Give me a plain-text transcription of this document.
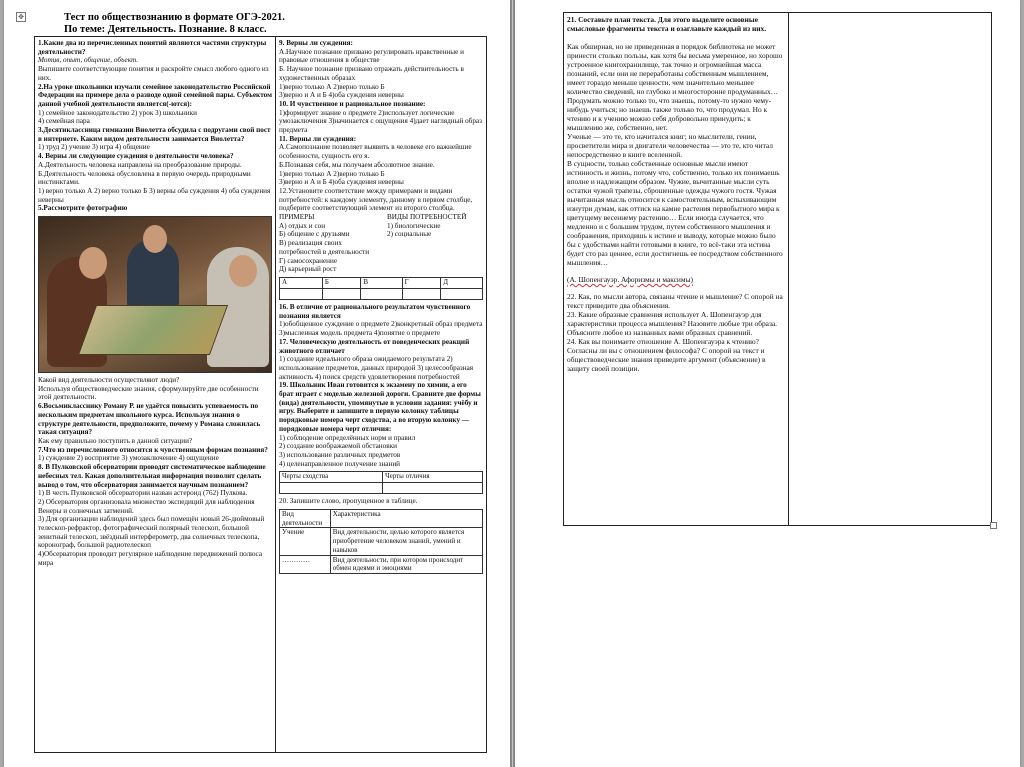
✥	Тест по обществознанию в формате ОГЭ-2021.
По теме: Деятельность. Познание. 8 класс.

1.Какие два из перечисленных понятий являются частями структуры деятельности?

Мотив, опыт, общение, объект.

Выпишите соответствующие понятия и раскройте смысл любого одного из них.

2.На уроке школьники изучали семейное законодательство Российской Федерации на примере дела о разводе одной семейной пары. Субъектом данной учебной деятельности является(-ются):

1) семейное законодательство 2) урок 3) школьники

4) семейная пара

3.Десятиклассница гимназии Виолетта обсудила с подругами свой пост в интернете. Каким видом деятельности занимается Виолетта?

1) труд 2) учение 3) игра 4) общение

4. Верны ли следующие суждения о деятельности человека?

А.Деятельность человека направлена на преобразование природы.

Б.Деятельность человека обусловлена в первую очередь природными инстинктами.

1) верно только А 2) верно только Б 3) верны оба суждения 4) оба суждения неверны

5.Рассмотрите фотографию

Какой вид деятельности осуществляют люди?

Используя обществоведческие знания, сформулируйте две особенности этой деятельности.

6.Восьмикласснику Роману Р. не удаётся повысить успеваемость по нескольким предметам школьного курса. Используя знания о структуре деятельности, предположите, почему у Романа сложилась такая ситуация?

Как ему правильно поступить в данной ситуации?

7.Что из перечисленного относится к чувственным формам познания?

1) суждение 2) восприятие 3) умозаключение 4) ощущение

8. В Пулковской обсерватории проводят систематическое наблюдение небесных тел. Какая дополнительная информация позволит сделать вывод о том, что обсерватория занимается научным познанием?

1) В честь Пулковской обсерватории назван астероид (762) Пулкова.

2) Обсерватория организовала множество экспедиций для наблюдения Венеры и солнечных затмений.

3) Для организации наблюдений здесь был помещён новый 26-дюймовый телескоп-рефрактор, фотографический полярный телескоп, большой зенитный телескоп, звёздный интерферометр, два солнечных телескопа, коронограф, большой радиотелескоп

4)Обсерватория проводит регулярное наблюдение передвижений полюса мира

9. Верны ли суждения:

А.Научное познание призвано регулировать нравственные и правовые отношения в обществе

Б. Научное познание призвано отражать действительность в художественных образах

1)верно только А 2)верно только Б

3)верно и А и Б 4)оба суждения неверны

10. И чувственное и рациональное познание:

1)формирует знание о предмете 2)использует логические умозаключения 3)начинается с ощущения 4)дает наглядный образ предмета

11. Верны ли суждения:

А.Самопознание позволяет выявить в человеке его важнейшие особенности, сущность его я.

Б.Познавая себя, мы получаем абсолютное знание.

1)верно только А 2)верно только Б

3)верно и А и Б 4)оба суждения неверны

12.Установите соответствие между примерами и видами потребностей: к каждому элементу, данному в первом столбце, подберите соответствующий элемент из второго столбца.

ПРИМЕРЫ

А) отдых и сон

Б) общение с друзьями

В) реализация своих потребностей в деятельности

Г) самосохранение

Д) карьерный рост

ВИДЫ ПОТРЕБНОСТЕЙ

1) биологические

2) социальные

А	Б	В	Г	Д

16. В отличие от рационального результатом чувственного познания является

1)обобщенное суждение о предмете 2)конкретный образ предмета 3)мысленная модель предмета 4)понятие о предмете

17. Человеческую деятельность от поведенческих реакций животного отличает

1) создание идеального образа ожидаемого результата 2) использование предметов, данных природой 3) целесообразная активность 4) поиск средств удовлетворения потребностей

19. Школьник Иван готовится к экзамену по химии, а его брат играет с моделью железной дороги. Сравните две формы (вида) деятельности, упомянутые в условии задания: учёбу и игру. Выберите и запишите в первую колонку таблицы порядковые номера черт сходства, а во вторую колонку — порядковые номера черт отличия:

1) соблюдение определённых норм и правил

2) создание воображаемой обстановки

3) использование различных предметов

4) целенаправленное получение знаний

Черты сходства	Черты отличия

20. Запишите слово, пропущенное в таблице.

Вид деятельности	Характеристика
Учение	Вид деятельности, целью которого является приобретение человеком знаний, умений и навыков
…………	Вид деятельности, при котором происходит обмен идеями и эмоциями

21. Составьте план текста. Для этого выделите основные смысловые фрагменты текста и озаглавьте каждый из них.

Как обширная, но не приведенная в порядок библиотека не может принести столько пользы, как хотя бы весьма умеренное, но хорошо устроенное книгохранилище, так точно и огромнейшая масса познаний, если они не переработаны собственным мышлением, имеет гораздо меньше ценности, чем значительно меньшее количество сведений, но глубоко и многосторонне продуманных… Продумать можно только то, что знаешь, потому-то нужно чему-нибудь учиться; но знаешь также только то, что продумал. Но к чтению и к учению можно себя добровольно принудить; к мышлению же, собственно, нет.

Ученые — это те, кто начитался книг; но мыслители, гении, просветители мира и двигатели человечества — это те, кто читал непосредственно в книге вселенной.

В сущности, только собственные основные мысли имеют истинность и жизнь, потому что, собственно, только их понимаешь вполне и надлежащим образом. Чужие, вычитанные мысли суть остатки чужой трапезы, сброшенные одежды чужого гостя. Чужая вычитанная мысль относится к самостоятельным, вспыхивающим изнутри думам, как оттиск на камне растения первобытного мира к цветущему весеннему растению… Если иногда случается, что медленно и с большим трудом, путем собственного мышления и соображения, приходишь к истине и выводу, которые можно было бы с удобствами найти готовыми в книге, то всё-таки эта истина будет сто раз ценнее, если достигнешь ее посредством собственного мышления…

(А. Шопенгауэр. Афоризмы и максимы)

22. Как, по мысли автора, связаны чтение и мышление? С опорой на текст приведите два объяснения.

23. Какие образные сравнения использует А. Шопенгауэр для характеристики процесса мышления? Назовите любые три образа. Объясните любое из названных вами образных сравнений.

24. Как вы понимаете отношение А. Шопенгауэра к чтению? Согласны ли вы с отношением философа? С опорой на текст и обществоведческие знания приведите аргумент (объяснение) в защиту своей позиции.
